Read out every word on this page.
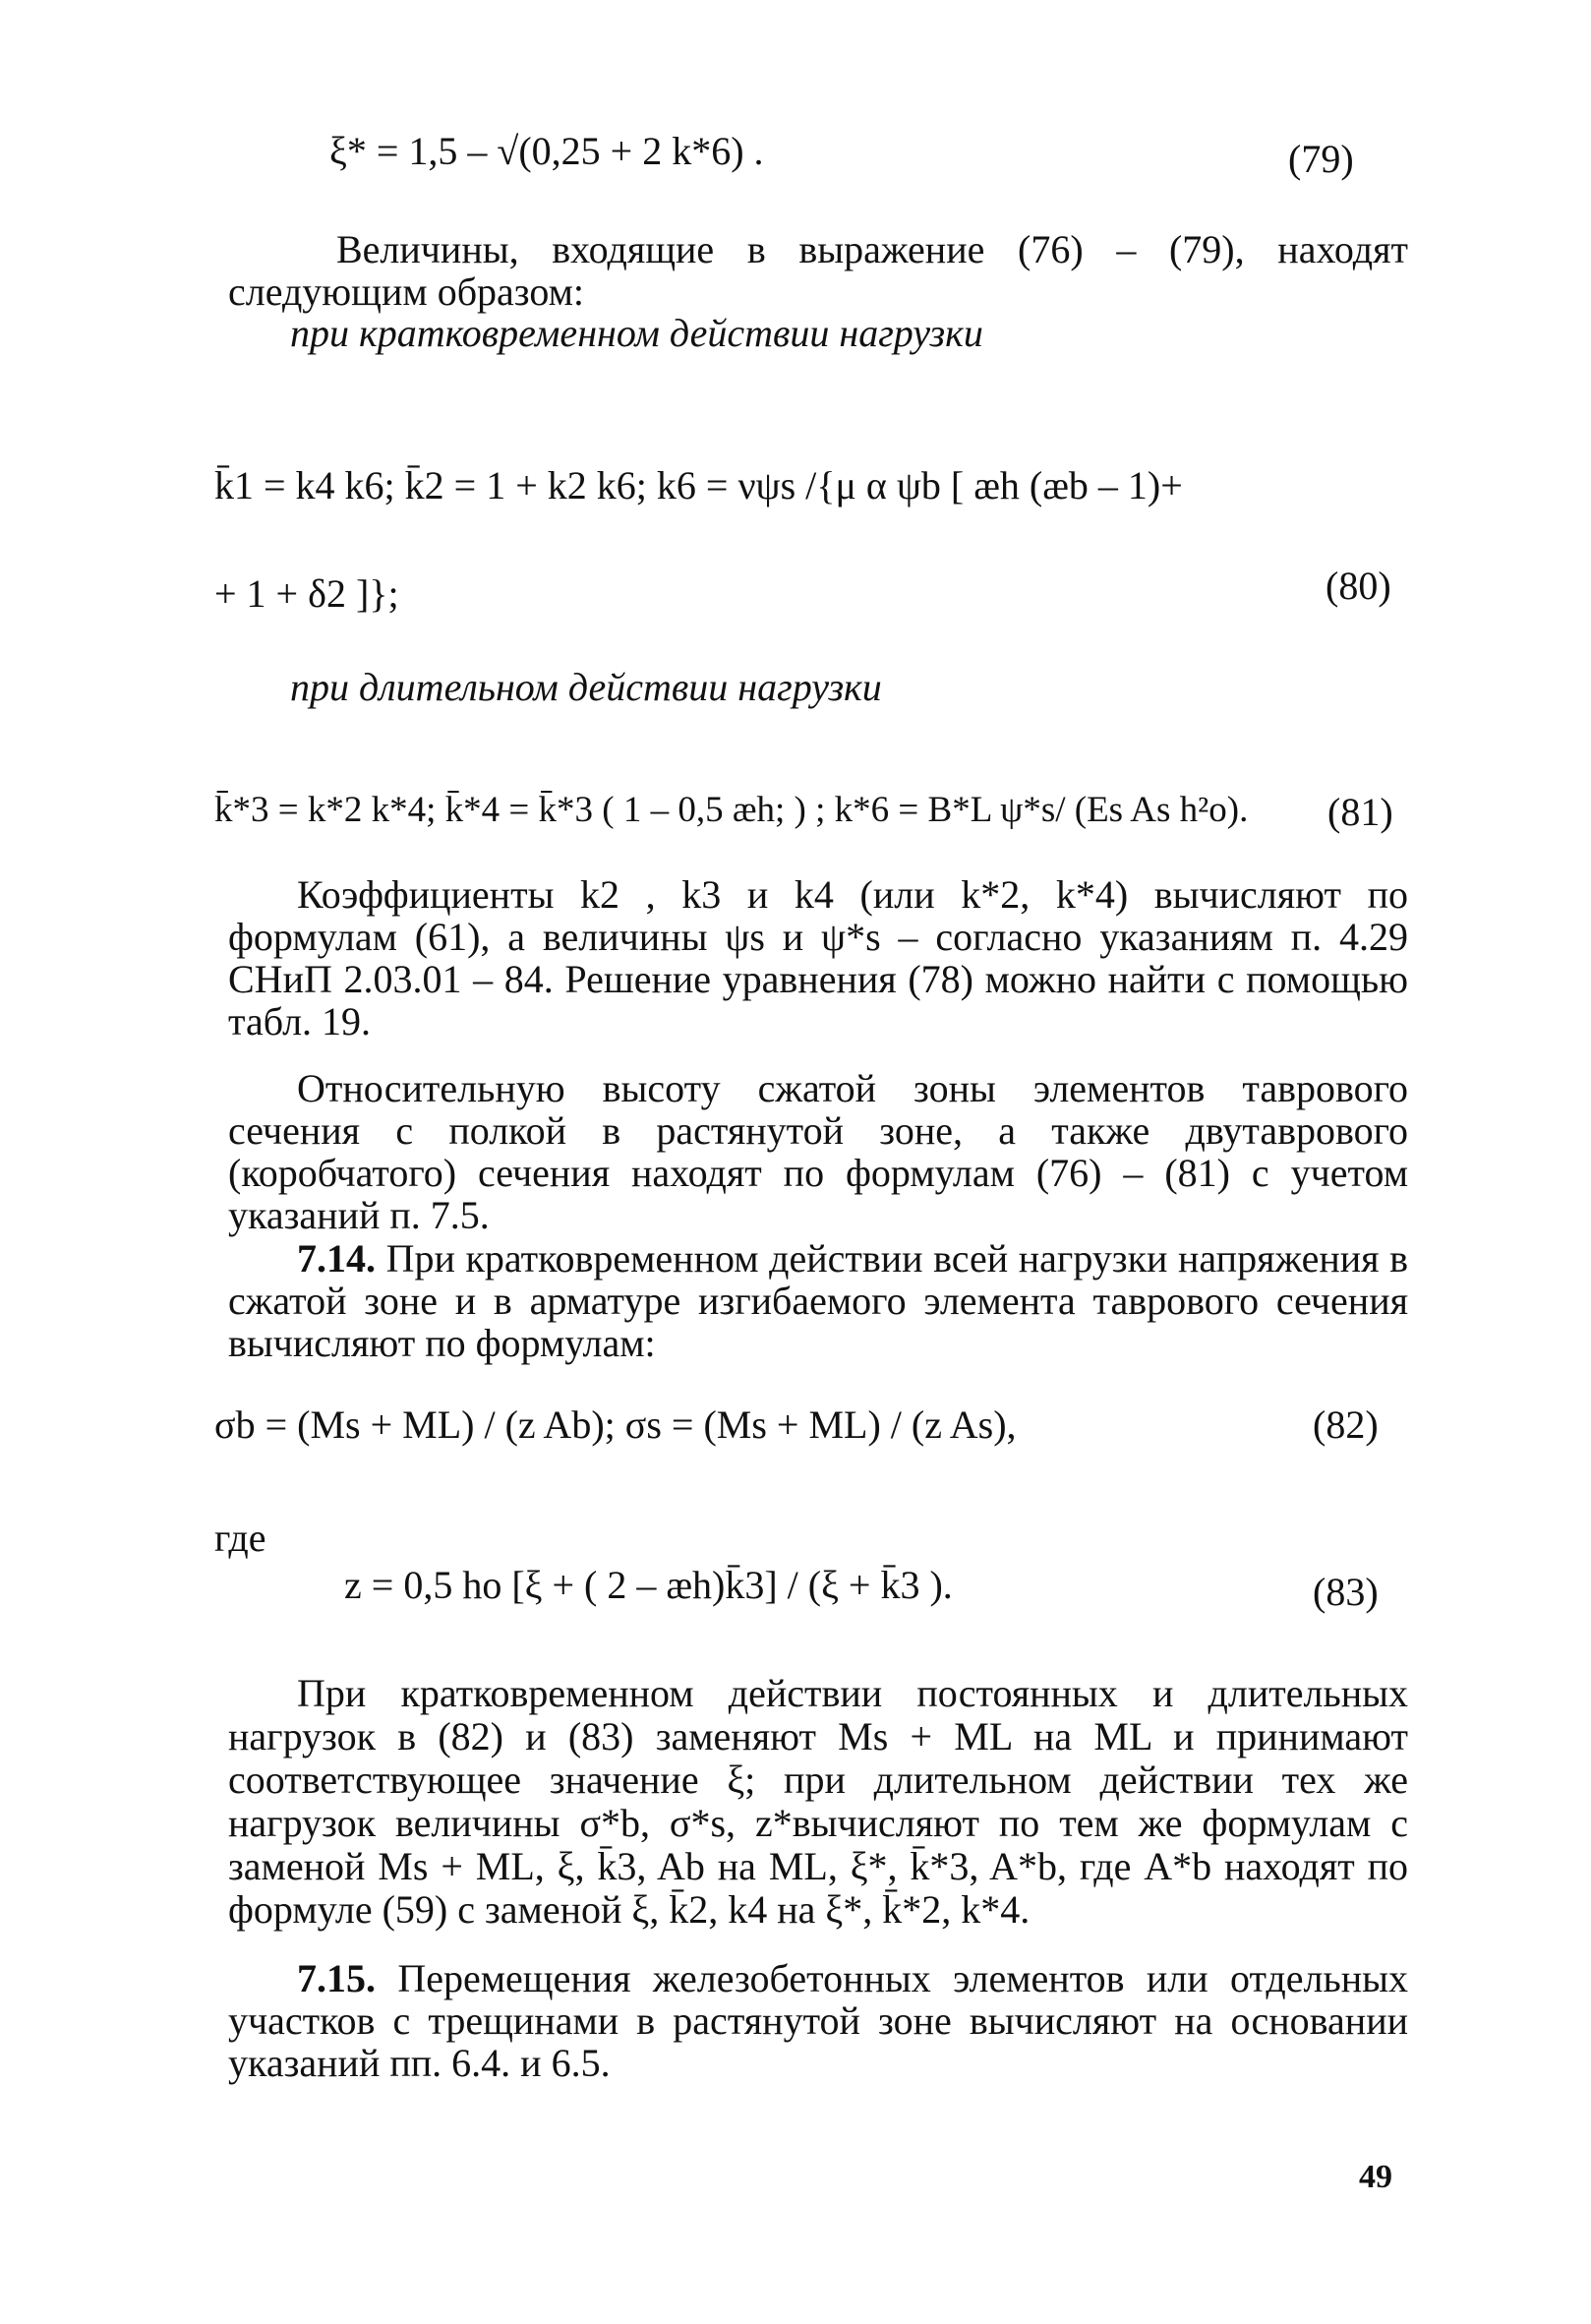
ξ* = 1,5 – √(0,25 + 2 k*6) .	(79)
Величины, входящие в выражение (76) – (79), находят следующим образом:
при кратковременном действии нагрузки
k̄1 = k4 k6; k̄2 = 1 + k2 k6; k6 = νψs /{μ α ψb [ æh (æb – 1)+
+ 1 + δ2 ]};	(80)
при длительном действии нагрузки
k̄*3 = k*2 k*4; k̄*4 = k̄*3 ( 1 – 0,5 æh; ) ; k*6 = B*L ψ*s/ (Es As h²o). (81)
Коэффициенты k2 , k3 и k4 (или k*2, k*4) вычисляют по формулам (61), а величины ψs и ψ*s – согласно указаниям п. 4.29 СНиП 2.03.01 – 84. Решение уравнения (78) можно найти с помощью табл. 19.
Относительную высоту сжатой зоны элементов таврового сечения с полкой в растянутой зоне, а также двутаврового (коробчатого) сечения находят по формулам (76) – (81) с учетом указаний п. 7.5.
7.14. При кратковременном действии всей нагрузки напряжения в сжатой зоне и в арматуре изгибаемого элемента таврового сечения вычисляют по формулам:
σb = (Ms + ML) / (z Ab); σs = (Ms + ML) / (z As),	(82)
где
z = 0,5 ho [ξ + ( 2 – æh)k̄3] / (ξ + k̄3 ).	(83)
При кратковременном действии постоянных и длительных нагрузок в (82) и (83) заменяют Ms + ML на ML и принимают соответствующее значение ξ; при длительном действии тех же нагрузок величины σ*b, σ*s, z*вычисляют по тем же формулам с заменой Ms + ML, ξ, k̄3, Ab на ML, ξ*, k̄*3, A*b, где A*b находят по формуле (59) с заменой ξ, k̄2, k4 на ξ*, k̄*2, k*4.
7.15. Перемещения железобетонных элементов или отдельных участков с трещинами в растянутой зоне вычисляют на основании указаний пп. 6.4. и 6.5.
49
